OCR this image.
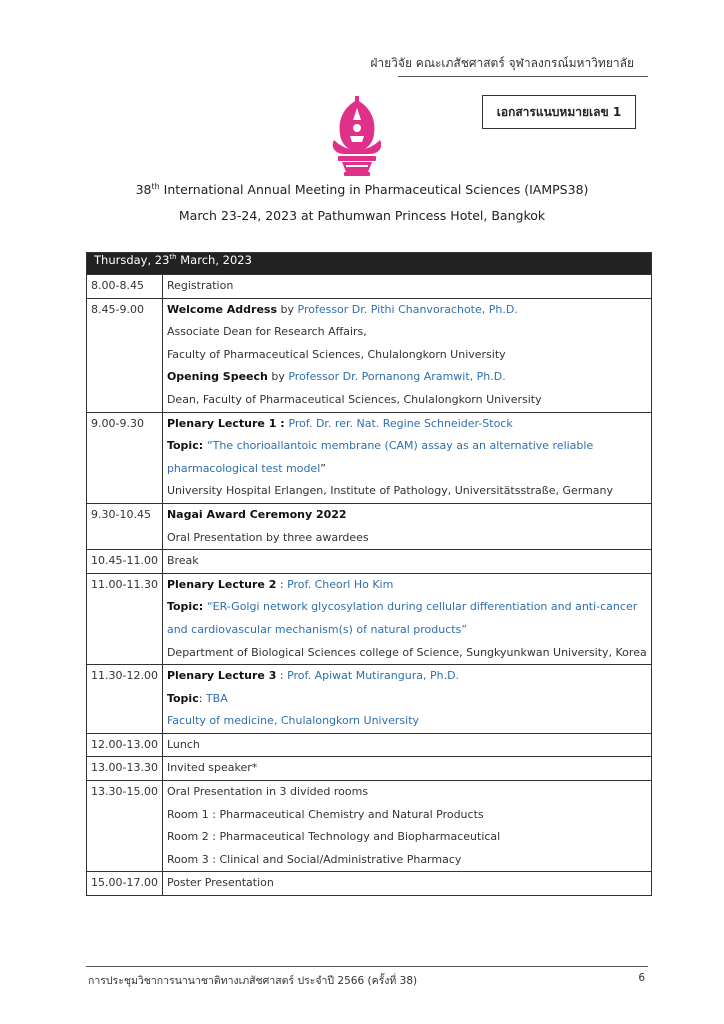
ฝ่ายวิจัย คณะเภสัชศาสตร์ จุฬาลงกรณ์มหาวิทยาลัย
เอกสารแนบหมายเลข 1
38th International Annual Meeting in Pharmaceutical Sciences (IAMPS38)
March 23-24, 2023 at Pathumwan Princess Hotel, Bangkok
Thursday, 23th March, 2023	

8.00-8.45	Registration

8.45-9.00	Welcome Address by Professor Dr. Pithi Chanvorachote, Ph.D.
Associate Dean for Research Affairs,
Faculty of Pharmaceutical Sciences, Chulalongkorn University
Opening Speech by Professor Dr. Pornanong Aramwit, Ph.D.
Dean, Faculty of Pharmaceutical Sciences, Chulalongkorn University

9.00-9.30	Plenary Lecture 1 : Prof. Dr. rer. Nat. Regine Schneider-Stock
Topic: “The chorioallantoic membrane (CAM) assay as an alternative reliable
pharmacological test model”
University Hospital Erlangen, Institute of Pathology, Universitätsstraße, Germany

9.30-10.45	Nagai Award Ceremony 2022
Oral Presentation by three awardees

10.45-11.00	Break

11.00-11.30	Plenary Lecture 2 : Prof. Cheorl Ho Kim
Topic: “ER-Golgi network glycosylation during cellular differentiation and anti-cancer
and cardiovascular mechanism(s) of natural products”
Department of Biological Sciences college of Science, Sungkyunkwan University, Korea

11.30-12.00	Plenary Lecture 3 : Prof. Apiwat Mutirangura, Ph.D.
Topic: TBA
Faculty of medicine, Chulalongkorn University

12.00-13.00	Lunch

13.00-13.30	Invited speaker*

13.30-15.00	Oral Presentation in 3 divided rooms
Room 1 : Pharmaceutical Chemistry and Natural Products
Room 2 : Pharmaceutical Technology and Biopharmaceutical
Room 3 : Clinical and Social/Administrative Pharmacy

15.00-17.00	Poster Presentation
การประชุมวิชาการนานาชาติทางเภสัชศาสตร์ ประจำปี 2566 (ครั้งที่ 38)	6
